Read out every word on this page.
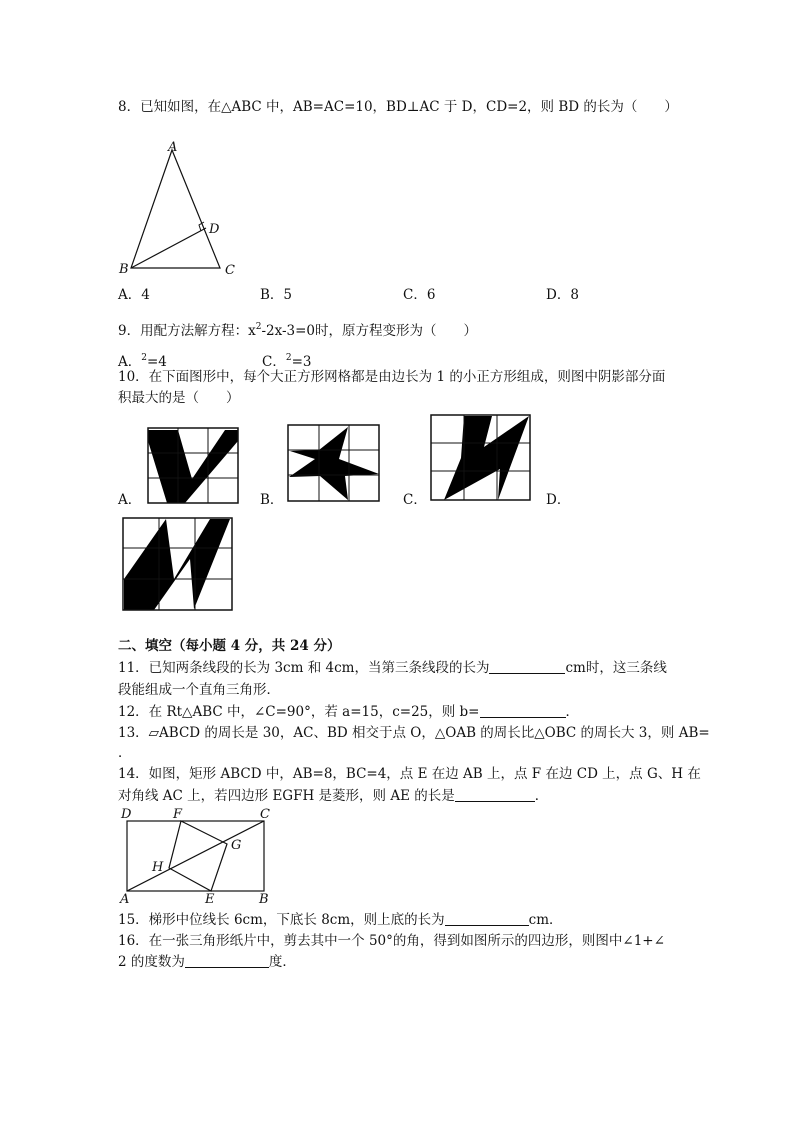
8．已知如图，在△ABC 中，AB=AC=10，BD⊥AC 于 D，CD=2，则 BD 的长为（　　）
A
B	C
D
A．4	B．5	C．6	D．8
9．用配方法解方程：$x^2-2x-3=0$时，原方程变形为（　　）
A．$^2$=4	C．$^2$=3
10．在下面图形中，每个大正方形网格都是由边长为 1 的小正方形组成，则图中阴影部分面
积最大的是（　　）
A．	B．	C．	D．
二、填空（每小题 4 分，共 24 分）
11．已知两条线段的长为 3cm 和 4cm，当第三条线段的长为	cm时，这三条线
段能组成一个直角三角形．
12．在 Rt△ABC 中，∠C=90°，若 a=15，c=25，则 b=	．
13．▱ABCD 的周长是 30，AC、BD 相交于点 O，△OAB 的周长比△OBC 的周长大 3，则 AB=
．
14．如图，矩形 ABCD 中，AB=8，BC=4，点 E 在边 AB 上，点 F 在边 CD 上，点 G、H 在
对角线 AC 上，若四边形 EGFH 是菱形，则 AE 的长是	．
D	F	C
G
H
A	E	B
15．梯形中位线长 6cm，下底长 8cm，则上底的长为	cm．
16．在一张三角形纸片中，剪去其中一个 50°的角，得到如图所示的四边形，则图中∠1+∠
2 的度数为	度．
